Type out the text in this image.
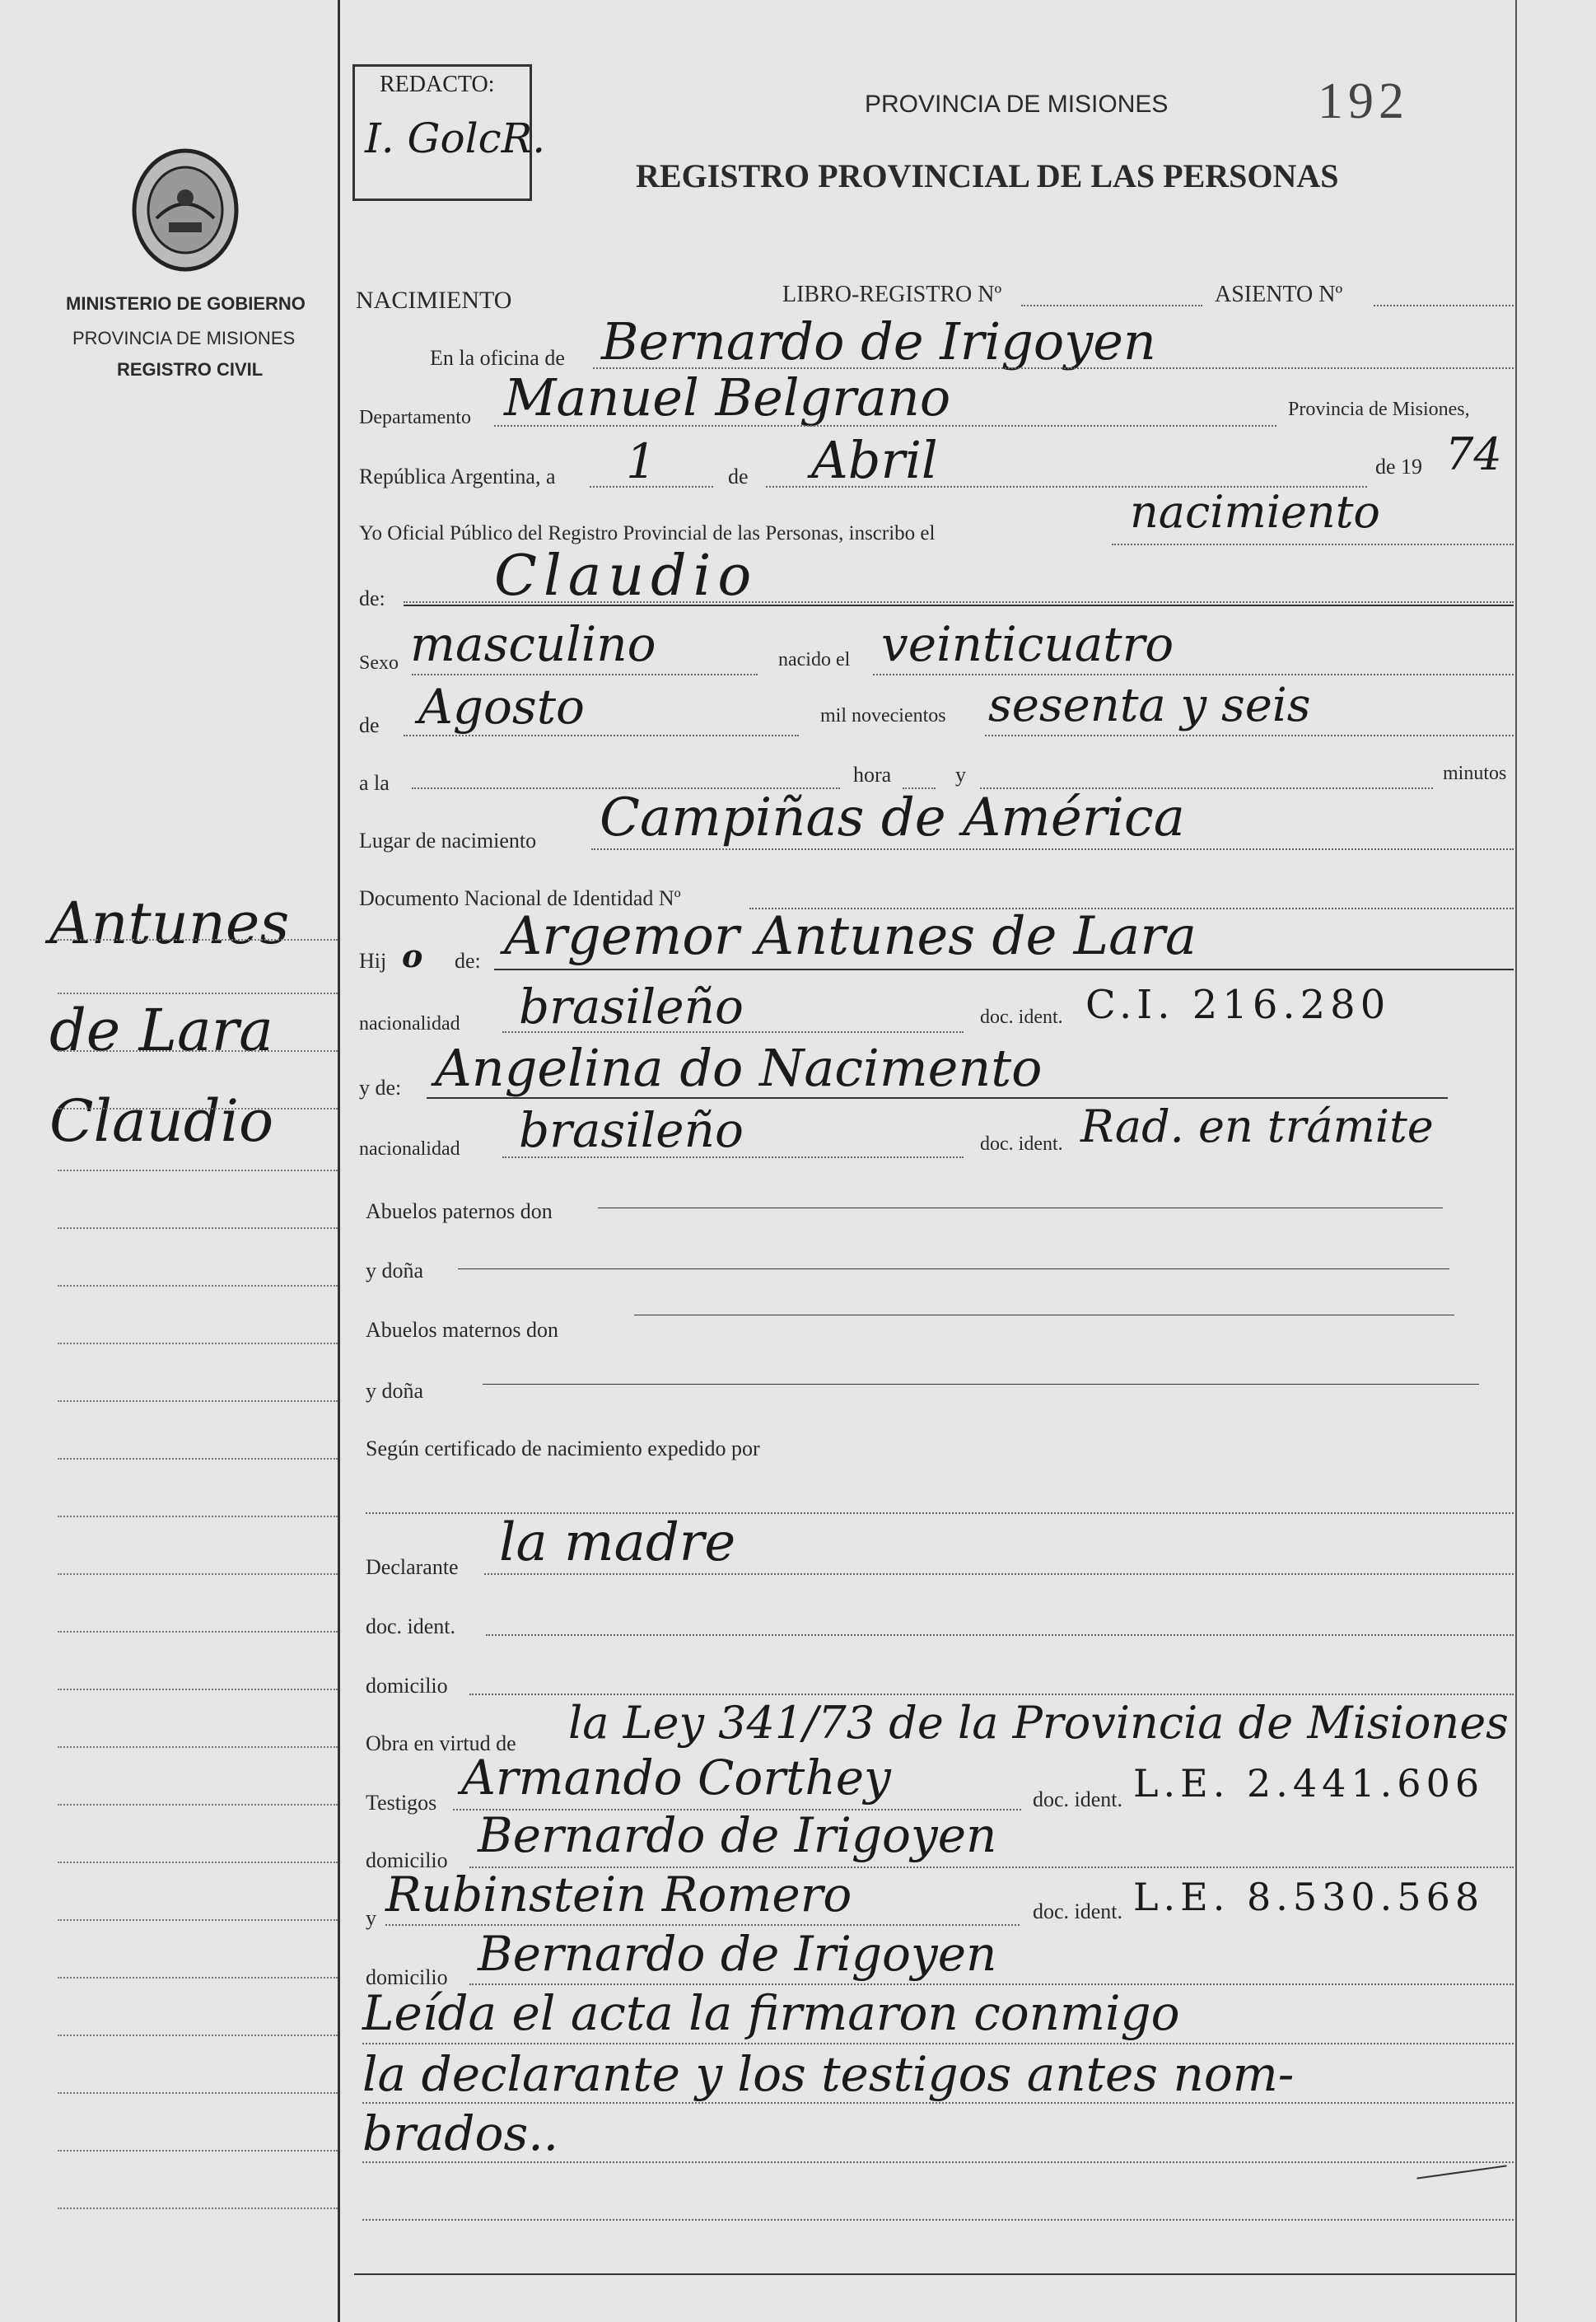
MINISTERIO DE GOBIERNO
PROVINCIA DE MISIONES
REGISTRO CIVIL
Antunes
de Lara
Claudio
REDACTO:
I. GolcR.
192
PROVINCIA DE MISIONES
REGISTRO PROVINCIAL DE LAS PERSONAS
NACIMIENTO	LIBRO-REGISTRO Nº	ASIENTO Nº
En la oficina de Bernardo de Irigoyen
Departamento Manuel Belgrano	Provincia de Misiones,
República Argentina, a 1	de Abril	de 19 74
Yo Oficial Público del Registro Provincial de las Personas, inscribo el	nacimiento
de: Claudio
Sexo masculino	nacido el veinticuatro
de Agosto	mil novecientos sesenta y seis
a la	hora	y	minutos
Lugar de nacimiento Campiñas de América
Documento Nacional de Identidad Nº
Hij o de: Argemor Antunes de Lara
nacionalidad brasileño	doc. ident. C.I. 216.280
y de: Angelina do Nacimento
nacionalidad brasileño	doc. ident. Rad. en trámite
Abuelos paternos don
y doña
Abuelos maternos don
y doña
Según certificado de nacimiento expedido por
Declarante la madre
doc. ident.
domicilio
Obra en virtud de la Ley 341/73 de la Provincia de Misiones
Testigos Armando Corthey	doc. ident. L.E. 2.441.606
domicilio Bernardo de Irigoyen
y Rubinstein Romero	doc. ident. L.E. 8.530.568
domicilio Bernardo de Irigoyen
Leída el acta la firmaron conmigo
la declarante y los testigos antes nom-
brados..
